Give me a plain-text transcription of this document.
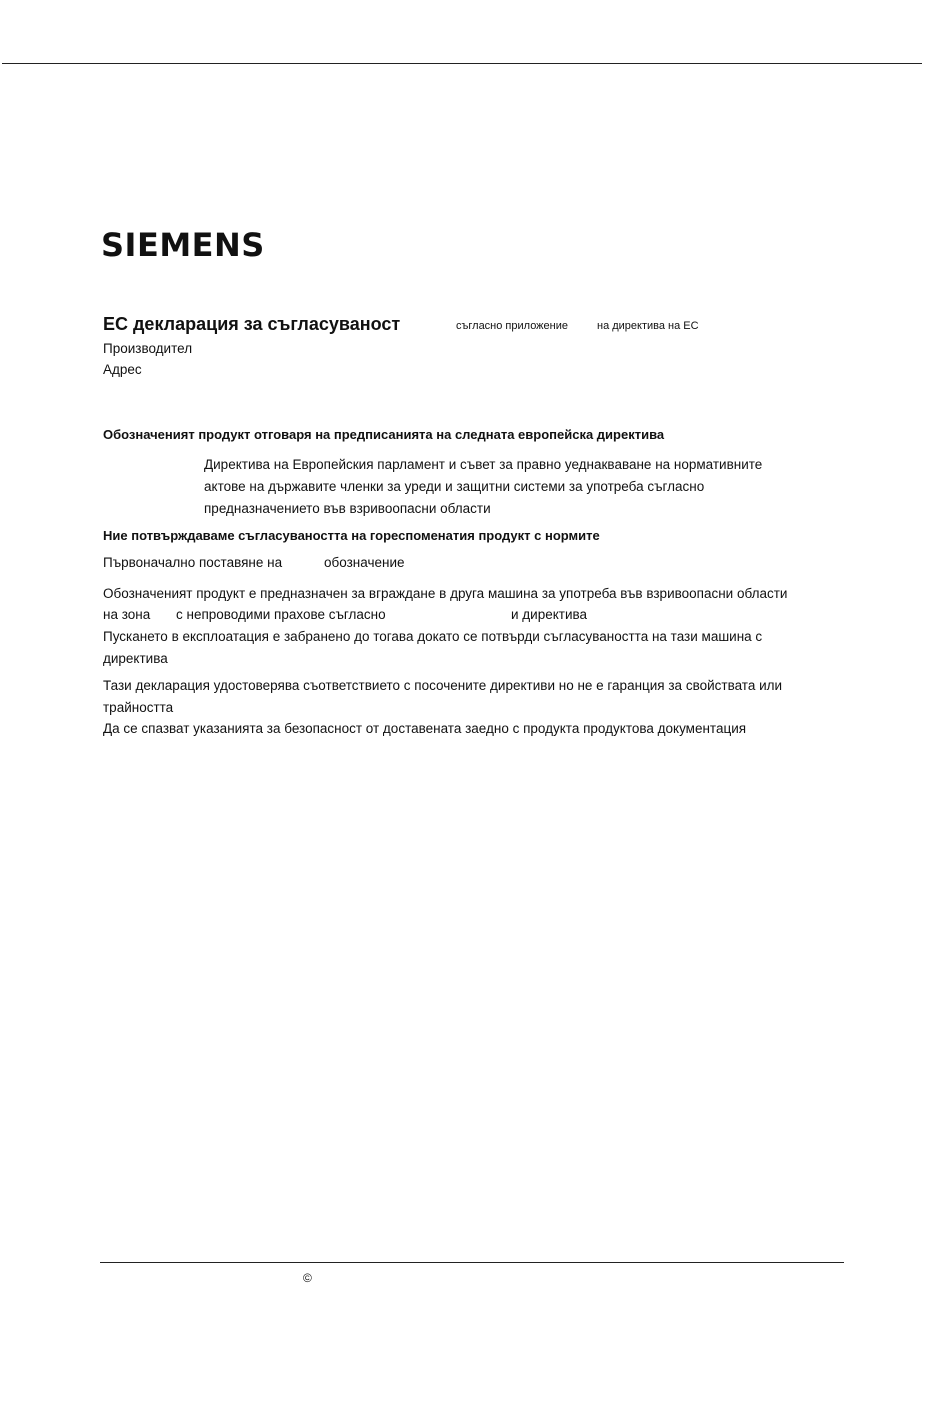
SIEMENS
ЕС декларация за съгласуваност	съгласно приложение	на директива на ЕС
Производител
Адрес
Обозначеният продукт отговаря на предписанията на следната европейска директива
Директива на Европейския парламент и съвет за правно уеднакваване на нормативните
актове на държавите членки за уреди и защитни системи за употреба съгласно
предназначението във взривоопасни области
Ние потвърждаваме съгласуваността на гореспоменатия продукт с нормите
Първоначално поставяне на	обозначение
Обозначеният продукт е предназначен за вграждане в друга машина за употреба във взривоопасни области
на зона с непроводими прахове съгласно	и директива
Пускането в експлоатация е забранено до тогава докато се потвърди съгласуваността на тази машина с
директива
Тази декларация удостоверява съответствието с посочените директиви но не е гаранция за свойствата или
трайността
Да се спазват указанията за безопасност от доставената заедно с продукта продуктова документация
©
